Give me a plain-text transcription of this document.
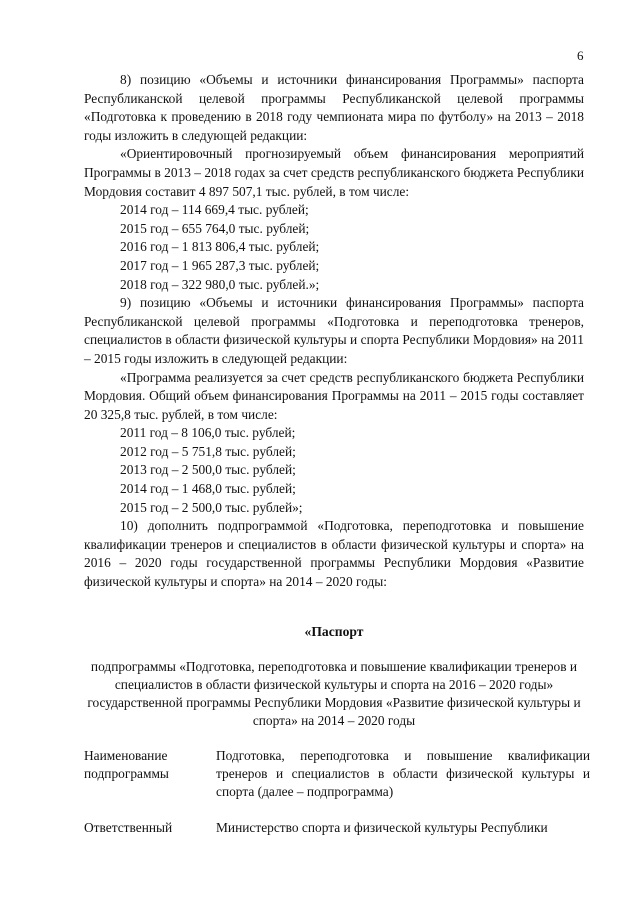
6

8) позицию «Объемы и источники финансирования Программы» паспорта Республиканской целевой программы Республиканской целевой программы «Подготовка к проведению в 2018 году чемпионата мира по футболу» на 2013 – 2018 годы изложить в следующей редакции:

«Ориентировочный прогнозируемый объем финансирования мероприятий Программы в 2013 – 2018 годах за счет средств республиканского бюджета Республики Мордовия составит 4 897 507,1 тыс. рублей, в том числе:

2014 год – 114 669,4 тыс. рублей;

2015 год – 655 764,0 тыс. рублей;

2016 год – 1 813 806,4 тыс. рублей;

2017 год – 1 965 287,3 тыс. рублей;

2018 год – 322 980,0 тыс. рублей.»;

9) позицию «Объемы и источники финансирования Программы» паспорта Республиканской целевой программы «Подготовка и переподготовка тренеров, специалистов в области физической культуры и спорта Республики Мордовия» на 2011 – 2015 годы изложить в следующей редакции:

«Программа реализуется за счет средств республиканского бюджета Республики Мордовия. Общий объем финансирования Программы на 2011 – 2015 годы составляет 20 325,8 тыс. рублей, в том числе:

2011 год – 8 106,0 тыс. рублей;

2012 год – 5 751,8 тыс. рублей;

2013 год – 2 500,0 тыс. рублей;

2014 год – 1 468,0 тыс. рублей;

2015 год – 2 500,0 тыс. рублей»;

10) дополнить подпрограммой «Подготовка, переподготовка и повышение квалификации тренеров и специалистов в области физической культуры и спорта» на 2016 – 2020 годы государственной программы Республики Мордовия «Развитие физической культуры и спорта» на 2014 – 2020 годы:

«Паспорт
подпрограммы «Подготовка, переподготовка и повышение квалификации тренеров и специалистов в области физической культуры и спорта на 2016 – 2020 годы» государственной программы Республики Мордовия «Развитие физической культуры и спорта» на 2014 – 2020 годы
Наименование подпрограммы
Подготовка, переподготовка и повышение квалификации тренеров и специалистов в области физической культуры и спорта (далее – подпрограмма)
Ответственный	Министерство спорта и физической культуры Республики
